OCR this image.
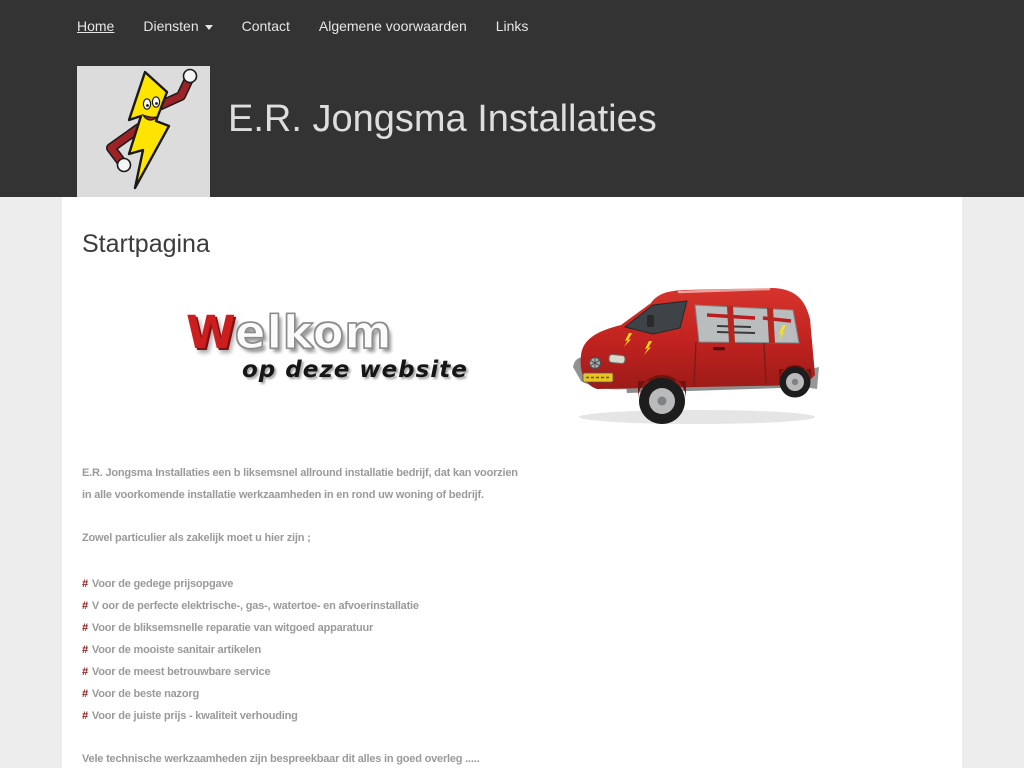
Home Diensten	Contact Algemene voorwaarden Links
E.R. Jongsma Installaties
Startpagina
Welkom
op deze website
E.R. Jongsma Installaties een b liksemsnel allround installatie bedrijf, dat kan voorzien
in alle voorkomende installatie werkzaamheden in en rond uw woning of bedrijf.
Zowel particulier als zakelijk moet u hier zijn ;
# Voor de gedege prijsopgave
# V oor de perfecte elektrische-, gas-, watertoe- en afvoerinstallatie
# Voor de bliksemsnelle reparatie van witgoed apparatuur
# Voor de mooiste sanitair artikelen
# Voor de meest betrouwbare service
# Voor de beste nazorg
# Voor de juiste prijs - kwaliteit verhouding
Vele technische werkzaamheden zijn bespreekbaar dit alles in goed overleg .....
